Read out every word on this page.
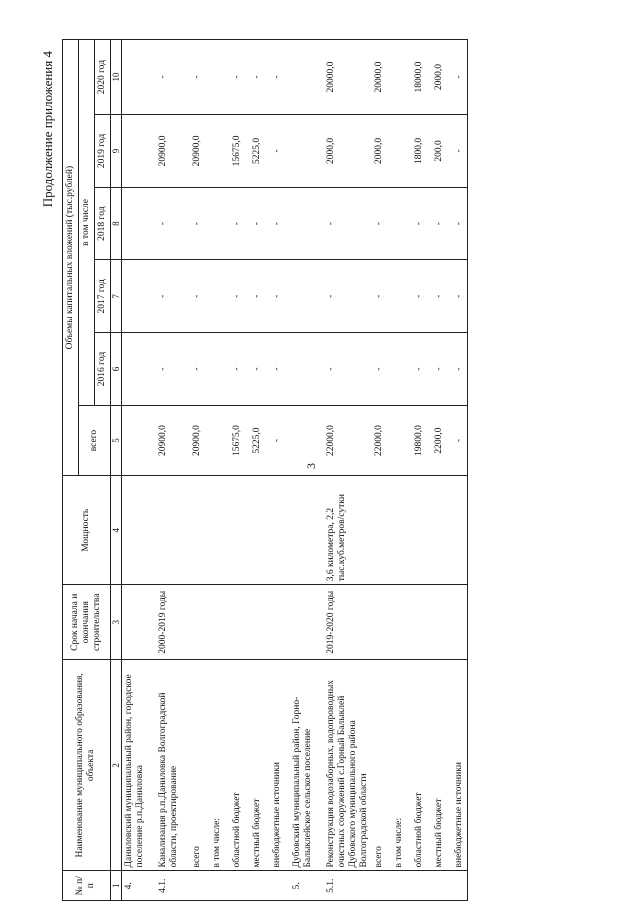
3
Продолжение приложения 4
№ п/п	Наименование муниципального образования, объекта	Срок начала и окончания строительства	Мощность	Объемы капитальных вложений (тыс.рублей)					
				всего	в том числе				
					2016 год	2017 год	2018 год	2019 год	2020 год
1	2	3	4	5	6	7	8	9	10
4.	Даниловский муниципальный район, городское поселение р.п.Даниловка								
4.1.	Канализация р.п.Даниловка Волгоградской области, проектирование	2000-2019 годы		20900,0	-	-	-	20900,0	-
	всего			20900,0	-	-	-	20900,0	-
	в том числе:								
	областной бюджет			15675,0	-	-	-	15675,0	-
	местный бюджет			5225,0	-	-	-	5225,0	-
	внебюджетные источники			-	-	-	-	-	-
5.	Дубовский муниципальный район, Горно-Балыклейское сельское поселение								
5.1.	Реконструкция водозаборных, водопроводных очистных сооружений с.Горный Балыклей Дубовского муниципального района Волгоградской области	2019-2020 годы	3,6 километра, 2,2 тыс.куб.метров/сутки	22000,0	-	-	-	2000,0	20000,0
	всего			22000,0	-	-	-	2000,0	20000,0
	в том числе:								
	областной бюджет			19800,0	-	-	-	1800,0	18000,0
	местный бюджет			2200,0	-	-	-	200,0	2000,0
	внебюджетные источники			-	-	-	-	-	-
